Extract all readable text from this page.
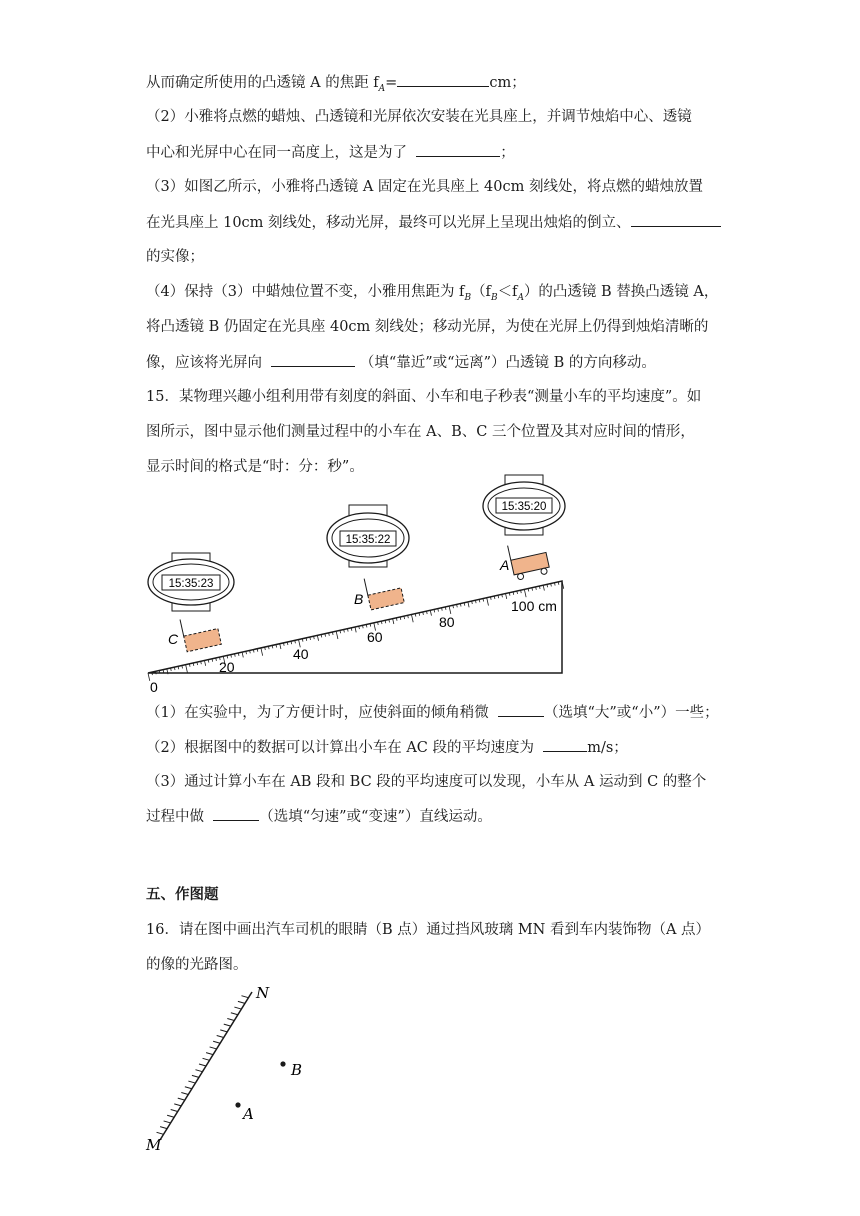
从而确定所使用的凸透镜 A 的焦距 $f_A=$	cm；
（2）小雅将点燃的蜡烛、凸透镜和光屏依次安装在光具座上，并调节烛焰中心、透镜
中心和光屏中心在同一高度上，这是为了	；
（3）如图乙所示，小雅将凸透镜 A 固定在光具座上 40cm 刻线处，将点燃的蜡烛放置
在光具座上 10cm 刻线处，移动光屏，最终可以光屏上呈现出烛焰的倒立、
的实像；
（4）保持（3）中蜡烛位置不变，小雅用焦距为 $f_B(f_B<f_A)$的凸透镜 B 替换凸透镜 A，
将凸透镜 B 仍固定在光具座 40cm 刻线处；移动光屏，为使在光屏上仍得到烛焰清晰的
像，应该将光屏向	（填“靠近”或“远离”）凸透镜 B 的方向移动。
15．某物理兴趣小组利用带有刻度的斜面、小车和电子秒表“测量小车的平均速度”。如
图所示，图中显示他们测量过程中的小车在 A、B、C 三个位置及其对应时间的情形，
显示时间的格式是“时：分：秒”。
0
20
40
60
80
100 cm
A
B
C
15:35:23
15:35:22
15:35:20
N
M
B
A
（1）在实验中，为了方便计时，应使斜面的倾角稍微	（选填“大”或“小”）一些；
（2）根据图中的数据可以计算出小车在 AC 段的平均速度为	m/s；
（3）通过计算小车在 AB 段和 BC 段的平均速度可以发现，小车从 A 运动到 C 的整个
过程中做	（选填“匀速”或“变速”）直线运动。
五、作图题
16．请在图中画出汽车司机的眼睛（B 点）通过挡风玻璃 MN 看到车内装饰物（A 点）
的像的光路图。
